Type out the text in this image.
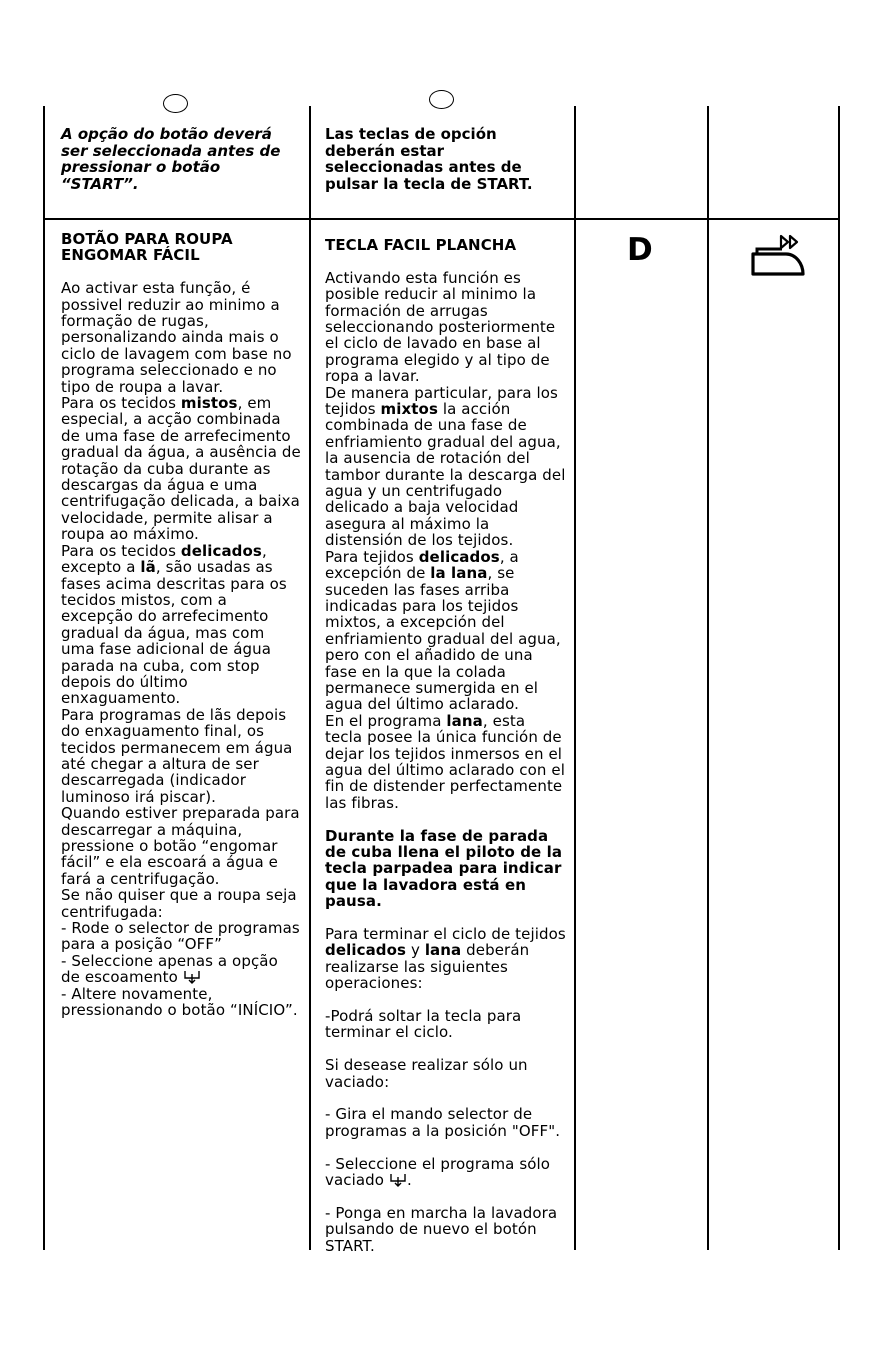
A opção do botão deverá ser seleccionada antes de pressionar o botão “START”.
Las teclas de opción deberán estar seleccionadas antes de pulsar la tecla de START.

BOTÃO PARA ROUPA

ENGOMAR FÁCIL

Ao activar esta função, é possivel reduzir ao minimo a formação de rugas, personalizando ainda mais o ciclo de lavagem com base no programa seleccionado e no tipo de roupa a lavar.

Para os tecidos mistos, em especial, a acção combinada de uma fase de arrefecimento gradual da água, a ausência de rotação da cuba durante as descargas da água e uma centrifugação delicada, a baixa velocidade, permite alisar a roupa ao máximo.

Para os tecidos delicados, excepto a lã, são usadas as fases acima descritas para os tecidos mistos, com a excepção do arrefecimento gradual da água, mas com uma fase adicional de água parada na cuba, com stop depois do último enxaguamento.

Para programas de lãs depois do enxaguamento final, os tecidos permanecem em água até chegar a altura de ser descarregada (indicador luminoso irá piscar).

Quando estiver preparada para descarregar a máquina, pressione o botão “engomar fácil” e ela escoará a água e fará a centrifugação.

Se não quiser que a roupa seja centrifugada:

- Rode o selector de programas para a posição “OFF”

- Seleccione apenas a opção de escoamento

- Altere novamente, pressionando o botão “INÍCIO”.

TECLA FACIL PLANCHA

Activando esta función es posible reducir al minimo la formación de arrugas seleccionando posteriormente el ciclo de lavado en base al programa elegido y al tipo de ropa a lavar.

De manera particular, para los tejidos mixtos la acción combinada de una fase de enfriamiento gradual del agua, la ausencia de rotación del tambor durante la descarga del agua y un centrifugado delicado a baja velocidad asegura al máximo la distensión de los tejidos.

Para tejidos delicados, a excepción de la lana, se suceden las fases arriba indicadas para los tejidos mixtos, a excepción del enfriamiento gradual del agua, pero con el añadido de una fase en la que la colada permanece sumergida en el agua del último aclarado.

En el programa lana, esta tecla posee la única función de dejar los tejidos inmersos en el agua del último aclarado con el fin de distender perfectamente las fibras.

Durante la fase de parada de cuba llena el piloto de la tecla parpadea para indicar que la lavadora está en pausa.

Para terminar el ciclo de tejidos delicados y lana deberán realizarse las siguientes operaciones:

-Podrá soltar la tecla para terminar el ciclo.

Si desease realizar sólo un vaciado:

- Gira el mando selector de programas a la posición "OFF".

- Seleccione el programa sólo vaciado .

- Ponga en marcha la lavadora pulsando de nuevo el botón START.

D
